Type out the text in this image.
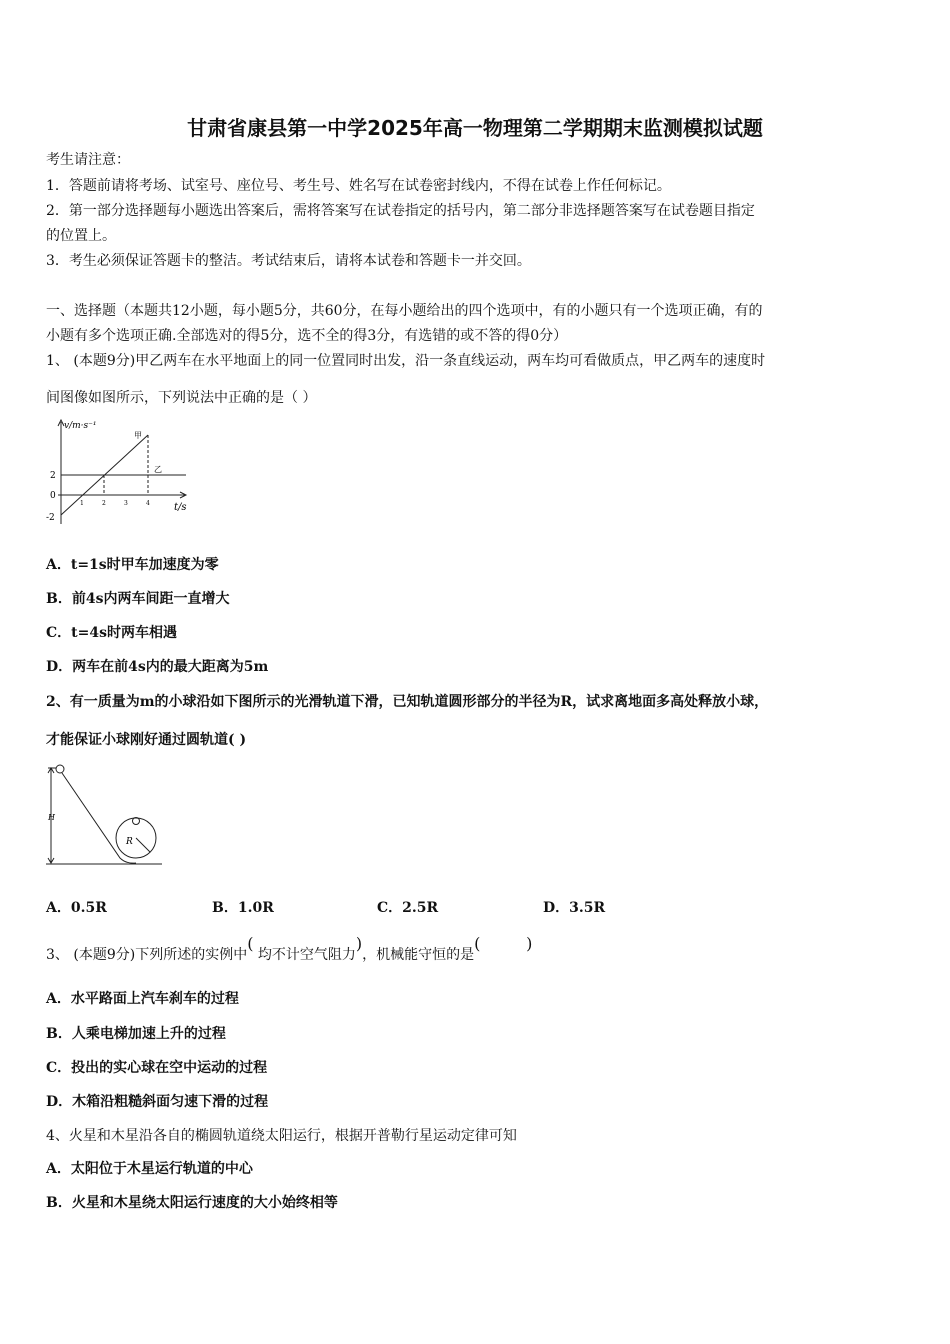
甘肃省康县第一中学2025年高一物理第二学期期末监测模拟试题
考生请注意：
1．答题前请将考场、试室号、座位号、考生号、姓名写在试卷密封线内，不得在试卷上作任何标记。
2．第一部分选择题每小题选出答案后，需将答案写在试卷指定的括号内，第二部分非选择题答案写在试卷题目指定
的位置上。
3．考生必须保证答题卡的整洁。考试结束后，请将本试卷和答题卡一并交回。
一、选择题（本题共12小题，每小题5分，共60分，在每小题给出的四个选项中，有的小题只有一个选项正确，有的
小题有多个选项正确.全部选对的得5分，选不全的得3分，有选错的或不答的得0分）
1、 (本题9分)甲乙两车在水平地面上的同一位置同时出发，沿一条直线运动，两车均可看做质点，甲乙两车的速度时
间图像如图所示，下列说法中正确的是（ ）
v/m·s⁻¹
甲
乙
2
0
-2
1	2	3	4 t/s
A．t=1s时甲车加速度为零
B．前4s内两车间距一直增大
C．t=4s时两车相遇
D．两车在前4s内的最大距离为5m
2、有一质量为m的小球沿如下图所示的光滑轨道下滑，已知轨道圆形部分的半径为R，试求离地面多高处释放小球，
才能保证小球刚好通过圆轨道( )
H
R
A．0.5R	B．1.0R	C．2.5R	D．3.5R
3、 (本题9分)下列所述的实例中( 均不计空气阻力)，机械能守恒的是(         )
A．水平路面上汽车刹车的过程
B．人乘电梯加速上升的过程
C．投出的实心球在空中运动的过程
D．木箱沿粗糙斜面匀速下滑的过程
4、火星和木星沿各自的椭圆轨道绕太阳运行，根据开普勒行星运动定律可知
A．太阳位于木星运行轨道的中心
B．火星和木星绕太阳运行速度的大小始终相等
